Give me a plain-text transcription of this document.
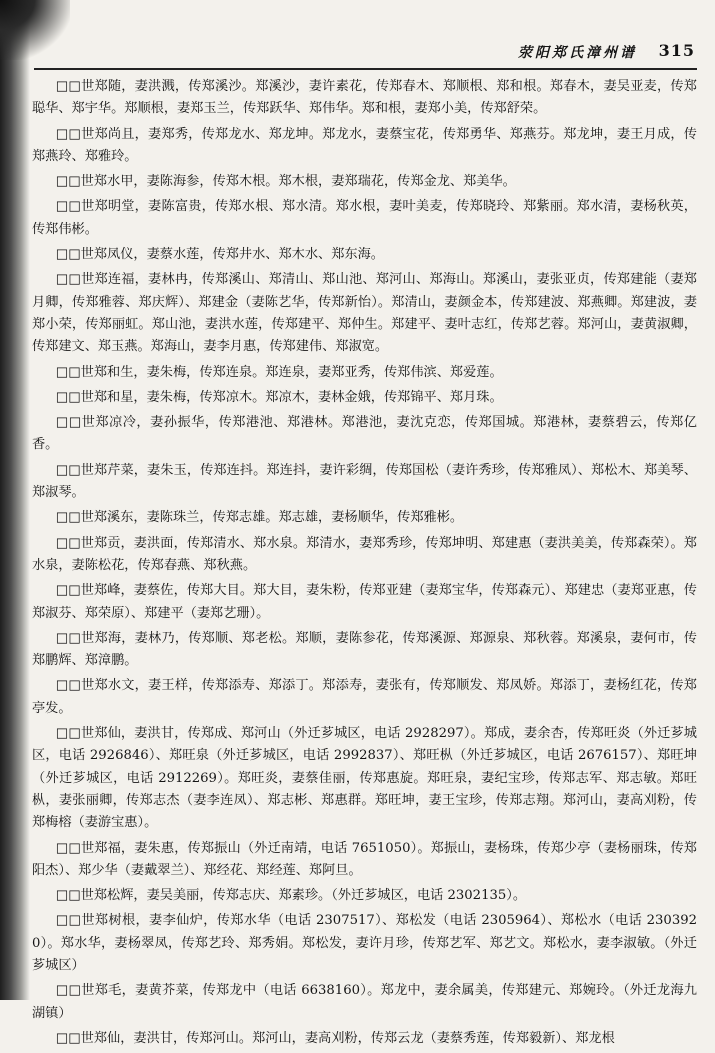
荥阳郑氏漳州谱 315

□□世郑随，妻洪溅，传郑溪沙。郑溪沙，妻许素花，传郑春木、郑顺根、郑和根。郑春木，妻吴亚麦，传郑聪华、郑宇华。郑顺根，妻郑玉兰，传郑跃华、郑伟华。郑和根，妻郑小美，传郑舒荣。

□□世郑尚且，妻郑秀，传郑龙水、郑龙坤。郑龙水，妻蔡宝花，传郑勇华、郑燕芬。郑龙坤，妻王月成，传郑燕玲、郑雅玲。

□□世郑水甲，妻陈海参，传郑木根。郑木根，妻郑瑞花，传郑金龙、郑美华。

□□世郑明堂，妻陈富贵，传郑水根、郑水清。郑水根，妻叶美麦，传郑晓玲、郑紫丽。郑水清，妻杨秋英，传郑伟彬。

□□世郑凤仪，妻蔡水莲，传郑井水、郑木水、郑东海。

□□世郑连福，妻林冉，传郑溪山、郑清山、郑山池、郑河山、郑海山。郑溪山，妻张亚贞，传郑建能（妻郑月卿，传郑雅蓉、郑庆辉）、郑建金（妻陈艺华，传郑新怡）。郑清山，妻颜金本，传郑建波、郑燕卿。郑建波，妻郑小荣，传郑丽虹。郑山池，妻洪水莲，传郑建平、郑仲生。郑建平、妻叶志红，传郑艺蓉。郑河山，妻黄淑卿，传郑建文、郑玉燕。郑海山，妻李月惠，传郑建伟、郑淑宽。

□□世郑和生，妻朱梅，传郑连泉。郑连泉，妻郑亚秀，传郑伟滨、郑爱莲。

□□世郑和星，妻朱梅，传郑凉木。郑凉木，妻林金娥，传郑锦平、郑月珠。

□□世郑凉冷，妻孙振华，传郑港池、郑港林。郑港池，妻沈克恋，传郑国城。郑港林，妻蔡碧云，传郑亿香。

□□世郑芹菜，妻朱玉，传郑连抖。郑连抖，妻许彩绸，传郑国松（妻许秀珍，传郑雅凤）、郑松木、郑美琴、郑淑琴。

□□世郑溪东，妻陈珠兰，传郑志雄。郑志雄，妻杨顺华，传郑雅彬。

□□世郑贡，妻洪面，传郑清水、郑水泉。郑清水，妻郑秀珍，传郑坤明、郑建惠（妻洪美美，传郑森荣）。郑水泉，妻陈松花，传郑春燕、郑秋燕。

□□世郑峰，妻蔡佐，传郑大目。郑大目，妻朱粉，传郑亚建（妻郑宝华，传郑森元）、郑建忠（妻郑亚惠，传郑淑芬、郑荣原）、郑建平（妻郑艺珊）。

□□世郑海，妻林乃，传郑顺、郑老松。郑顺，妻陈参花，传郑溪源、郑源泉、郑秋蓉。郑溪泉，妻何市，传郑鹏辉、郑漳鹏。

□□世郑水文，妻王样，传郑添寿、郑添丁。郑添寿，妻张有，传郑顺发、郑凤娇。郑添丁，妻杨红花，传郑亭发。

□□世郑仙，妻洪甘，传郑成、郑河山（外迁芗城区，电话 2928297）。郑成，妻余杏，传郑旺炎（外迁芗城区，电话 2926846）、郑旺泉（外迁芗城区，电话 2992837）、郑旺枞（外迁芗城区，电话 2676157）、郑旺坤（外迁芗城区，电话 2912269）。郑旺炎，妻蔡佳丽，传郑惠旋。郑旺泉，妻纪宝珍，传郑志军、郑志敏。郑旺枞，妻张丽卿，传郑志杰（妻李连凤）、郑志彬、郑惠群。郑旺坤，妻王宝珍，传郑志翔。郑河山，妻高刈粉，传郑梅榕（妻游宝惠）。

□□世郑福，妻朱惠，传郑振山（外迁南靖，电话 7651050）。郑振山，妻杨珠，传郑少亭（妻杨丽珠，传郑阳杰）、郑少华（妻戴翠兰）、郑经花、郑经莲、郑阿旦。

□□世郑松辉，妻吴美丽，传郑志庆、郑素珍。（外迁芗城区，电话 2302135）。

□□世郑树根，妻李仙炉，传郑水华（电话 2307517）、郑松发（电话 2305964）、郑松水（电话 2303920）。郑水华，妻杨翠凤，传郑艺玲、郑秀娟。郑松发，妻许月珍，传郑艺军、郑艺文。郑松水，妻李淑敏。（外迁芗城区）

□□世郑毛，妻黄芥菜，传郑龙中（电话 6638160）。郑龙中，妻余属美，传郑建元、郑婉玲。（外迁龙海九湖镇）

□□世郑仙，妻洪甘，传郑河山。郑河山，妻高刈粉，传郑云龙（妻蔡秀莲，传郑毅新）、郑龙根
